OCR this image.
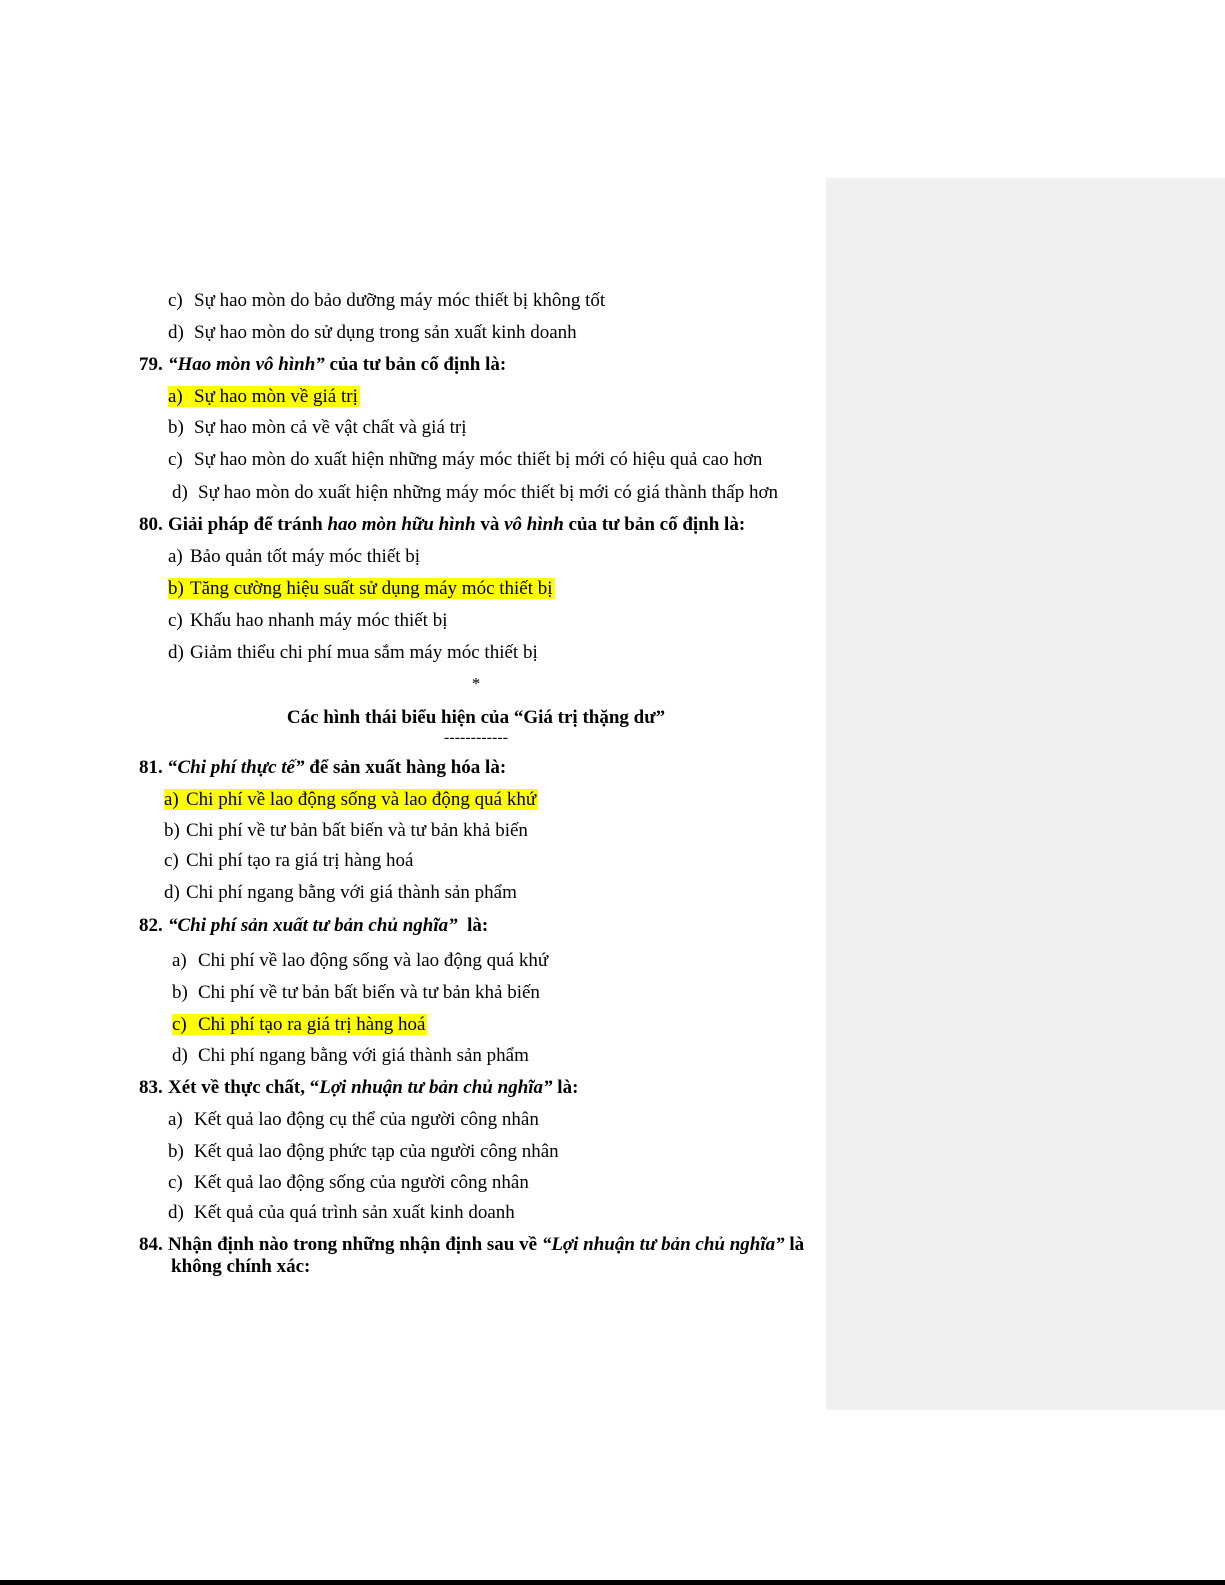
c) Sự hao mòn do bảo dưỡng máy móc thiết bị không tốt
d) Sự hao mòn do sử dụng trong sản xuất kinh doanh
79. “Hao mòn vô hình” của tư bản cố định là:
a) Sự hao mòn về giá trị
b) Sự hao mòn cả về vật chất và giá trị
c) Sự hao mòn do xuất hiện những máy móc thiết bị mới có hiệu quả cao hơn
d) Sự hao mòn do xuất hiện những máy móc thiết bị mới có giá thành thấp hơn
80. Giải pháp để tránh hao mòn hữu hình và vô hình của tư bản cố định là:
a) Bảo quản tốt máy móc thiết bị
b) Tăng cường hiệu suất sử dụng máy móc thiết bị
c) Khấu hao nhanh máy móc thiết bị
d) Giảm thiểu chi phí mua sắm máy móc thiết bị
*
Các hình thái biểu hiện của “Giá trị thặng dư”
------------
81. “Chi phí thực tế” để sản xuất hàng hóa là:
a) Chi phí về lao động sống và lao động quá khứ
b) Chi phí về tư bản bất biến và tư bản khả biến
c) Chi phí tạo ra giá trị hàng hoá
d) Chi phí ngang bằng với giá thành sản phẩm
82. “Chi phí sản xuất tư bản chủ nghĩa”  là:
a) Chi phí về lao động sống và lao động quá khứ
b) Chi phí về tư bản bất biến và tư bản khả biến
c) Chi phí tạo ra giá trị hàng hoá
d) Chi phí ngang bằng với giá thành sản phẩm
83. Xét về thực chất, “Lợi nhuận tư bản chủ nghĩa” là:
a) Kết quả lao động cụ thể của người công nhân
b) Kết quả lao động phức tạp của người công nhân
c) Kết quả lao động sống của người công nhân
d) Kết quả của quá trình sản xuất kinh doanh
84. Nhận định nào trong những nhận định sau về “Lợi nhuận tư bản chủ nghĩa” là
không chính xác:
